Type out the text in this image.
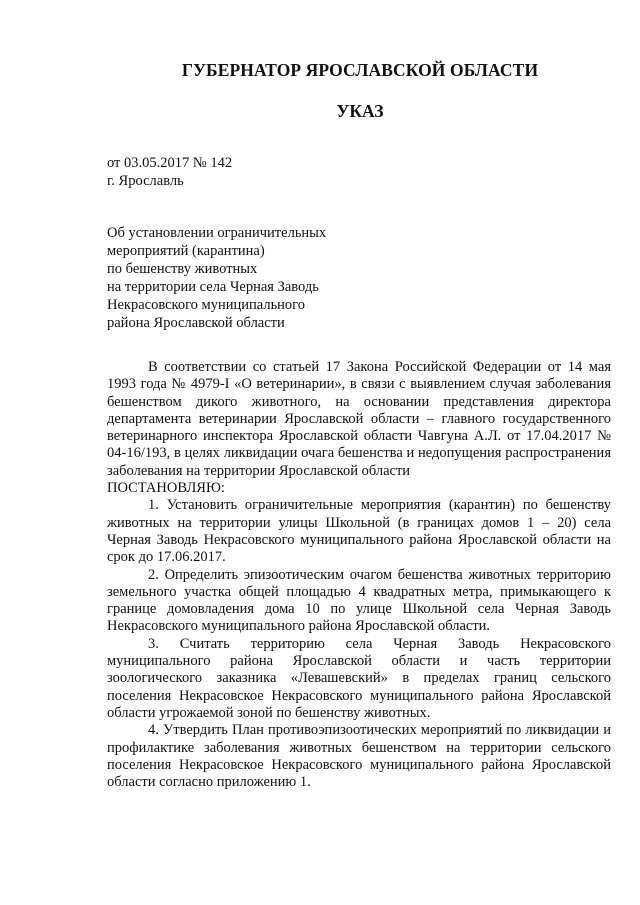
ГУБЕРНАТОР ЯРОСЛАВСКОЙ ОБЛАСТИ
УКАЗ
от 03.05.2017 № 142
г. Ярославль
Об установлении ограничительных
мероприятий (карантина)
по бешенству животных
на территории села Черная Заводь
Некрасовского муниципального
района Ярославской области

В соответствии со статьей 17 Закона Российской Федерации от 14 мая 1993 года № 4979-I «О ветеринарии», в связи с выявлением случая заболевания бешенством дикого животного, на основании представления директора департамента ветеринарии Ярославской области – главного государственного ветеринарного инспектора Ярославской области Чавгуна А.Л. от 17.04.2017 № 04-16/193, в целях ликвидации очага бешенства и недопущения распространения заболевания на территории Ярославской области

ПОСТАНОВЛЯЮ:

1. Установить ограничительные мероприятия (карантин) по бешенству животных на территории улицы Школьной (в границах домов 1 – 20) села Черная Заводь Некрасовского муниципального района Ярославской области на срок до 17.06.2017.

2. Определить эпизоотическим очагом бешенства животных территорию земельного участка общей площадью 4 квадратных метра, примыкающего к границе домовладения дома 10 по улице Школьной села Черная Заводь Некрасовского муниципального района Ярославской области.

3. Считать территорию села Черная Заводь Некрасовского муниципального района Ярославской области и часть территории зоологического заказника «Левашевский» в пределах границ сельского поселения Некрасовское Некрасовского муниципального района Ярославской области угрожаемой зоной по бешенству животных.

4. Утвердить План противоэпизоотических мероприятий по ликвидации и профилактике заболевания животных бешенством на территории сельского поселения Некрасовское Некрасовского муниципального района Ярославской области согласно приложению 1.
